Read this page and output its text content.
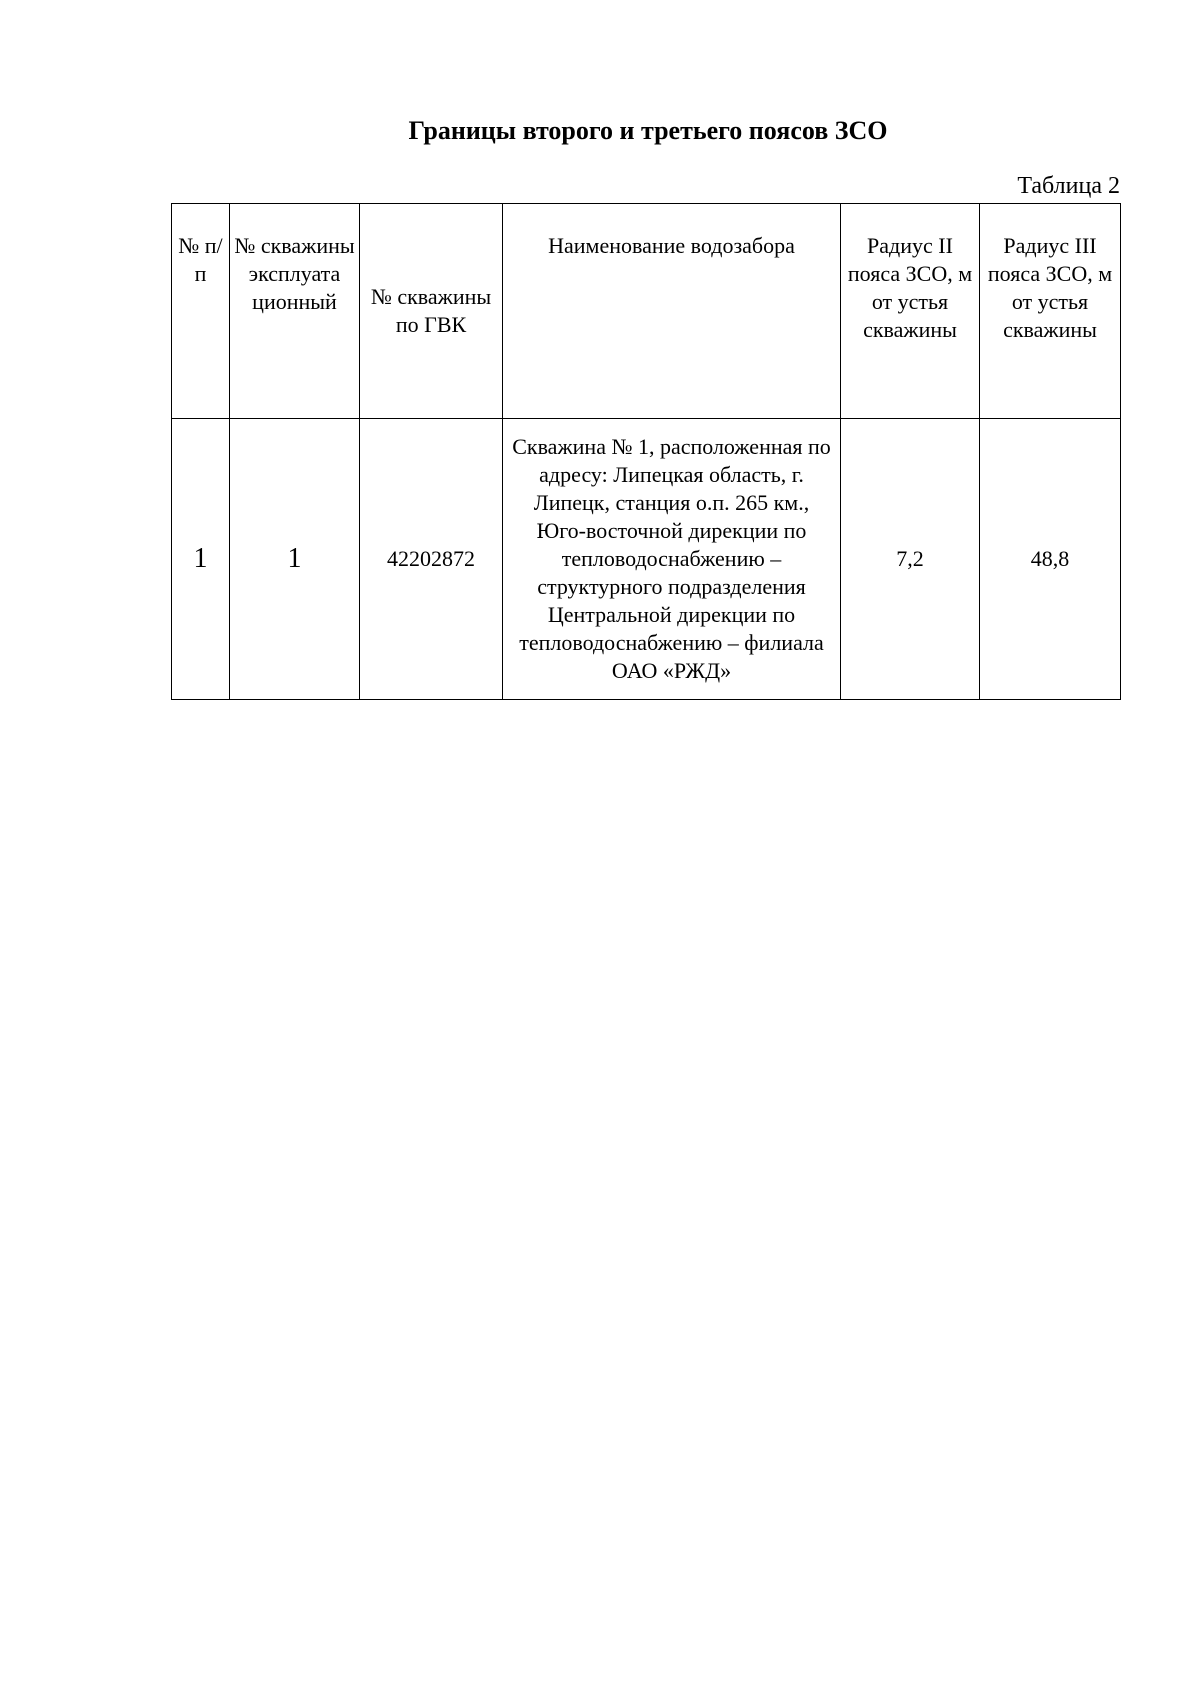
Границы второго и третьего поясов ЗСО
Таблица 2
№ п/п	№ скважины эксплуата ционный	№ скважины по ГВК	Наименование водозабора	Радиус II пояса ЗСО, м от устья скважины	Радиус III пояса ЗСО, м от устья скважины
1	1	42202872	Скважина № 1, расположенная по адресу: Липецкая область, г. Липецк, станция о.п. 265 км., Юго-восточной дирекции по тепловодоснабжению – структурного подразделения Центральной дирекции по тепловодоснабжению – филиала ОАО «РЖД»	7,2	48,8
